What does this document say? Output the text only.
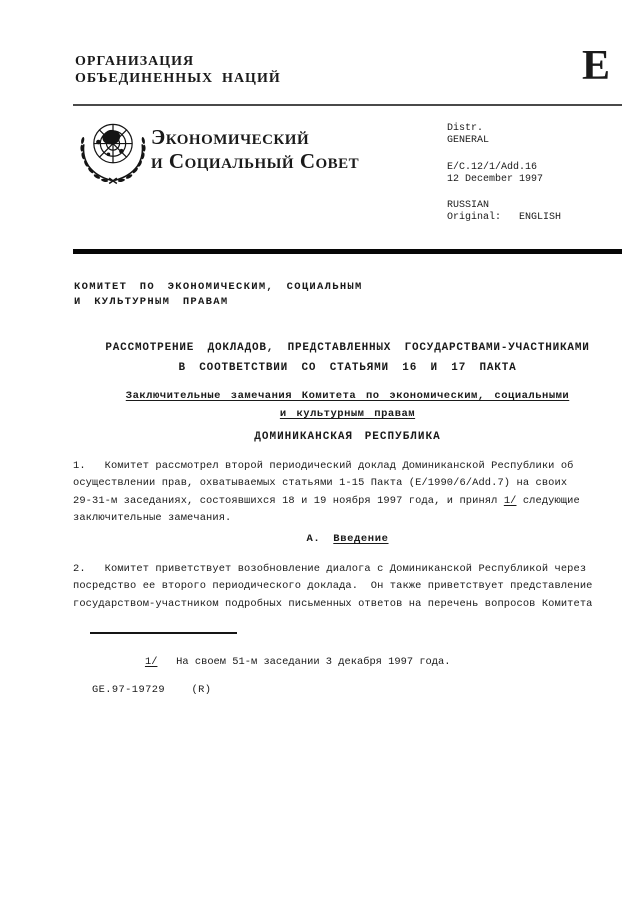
ОРГАНИЗАЦИЯ
ОБЪЕДИНЕННЫХ  НАЦИЙ	E
Экономический
и Социальный Совет
Distr.
GENERAL
E/C.12/1/Add.16
12 December 1997
RUSSIAN
Original:   ENGLISH
КОМИТЕТ ПО ЭКОНОМИЧЕСКИМ, СОЦИАЛЬНЫМ
И КУЛЬТУРНЫМ ПРАВАМ
РАССМОТРЕНИЕ ДОКЛАДОВ, ПРЕДСТАВЛЕННЫХ ГОСУДАРСТВАМИ-УЧАСТНИКАМИ
В СООТВЕТСТВИИ СО СТАТЬЯМИ 16 И 17 ПАКТА
Заключительные замечания Комитета по экономическим, социальными
и культурным правам
ДОМИНИКАНСКАЯ РЕСПУБЛИКА
1.   Комитет рассмотрел второй периодический доклад Доминиканской Республики об
осуществлении прав, охватываемых статьями 1-15 Пакта (E/1990/6/Add.7) на своих
29-31-м заседаниях, состоявшихся 18 и 19 ноября 1997 года, и принял 1/ следующие
заключительные замечания.
A. Введение
2.   Комитет приветствует возобновление диалога с Доминиканской Республикой через
посредство ее второго периодического доклада.  Он также приветствует представление
государством-участником подробных письменных ответов на перечень вопросов Комитета

1/   На своем 51-м заседании 3 декабря 1997 года.

GE.97-19729    (R)
